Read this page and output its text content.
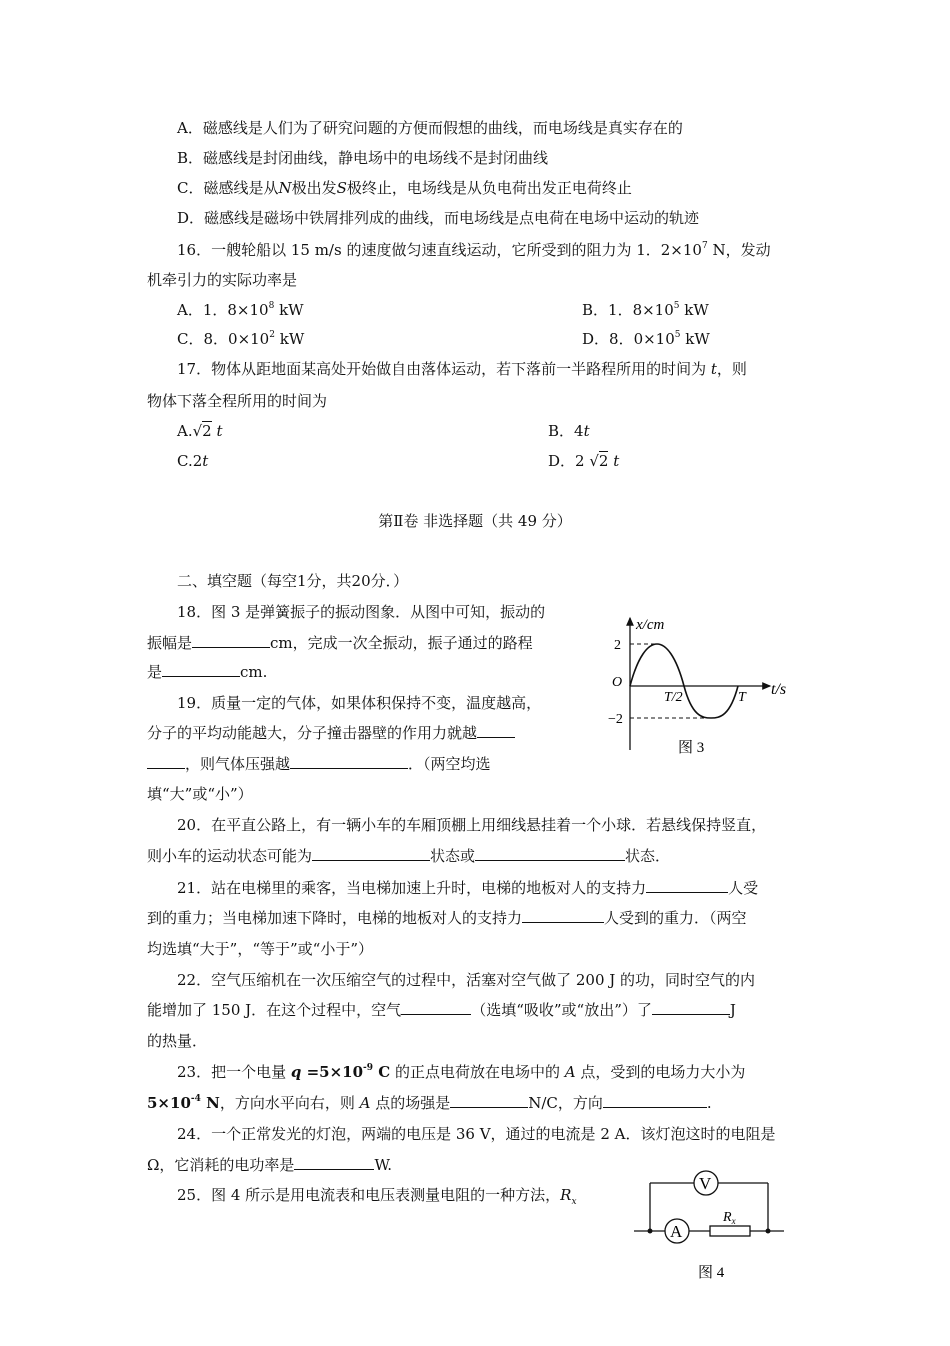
A．磁感线是人们为了研究问题的方便而假想的曲线，而电场线是真实存在的
B．磁感线是封闭曲线，静电场中的电场线不是封闭曲线
C．磁感线是从N极出发S极终止，电场线是从负电荷出发正电荷终止
D．磁感线是磁场中铁屑排列成的曲线，而电场线是点电荷在电场中运动的轨迹
16．一艘轮船以 15 m/s 的速度做匀速直线运动，它所受到的阻力为 1．$2\times 10^7$ N，发动
机牵引力的实际功率是
A．1．$8\times 10^8$ kW	B．1．$8\times 10^5$ kW
C．8．$0\times 10^2$ kW	D．8．$0\times 10^5$ kW
17．物体从距地面某高处开始做自由落体运动，若下落前一半路程所用的时间为 t，则
物体下落全程所用的时间为
A.√2 t	B．4t
C.2t	D．2 √2 t
第Ⅱ卷 非选择题（共 49 分）
二、填空题（每空1分，共20分．）
18．图 3 是弹簧振子的振动图象．从图中可知，振动的
振幅是	cm，完成一次全振动，振子通过的路程
是	cm.
19．质量一定的气体，如果体积保持不变，温度越高，
分子的平均动能越大，分子撞击器壁的作用力就越
，则气体压强越	．（两空均选
填“大”或“小”）
2
−2
O
T/2	T
x/cm
t/s
图 3
20．在平直公路上，有一辆小车的车厢顶棚上用细线悬挂着一个小球．若悬线保持竖直，
则小车的运动状态可能为	状态或	状态．
21．站在电梯里的乘客，当电梯加速上升时，电梯的地板对人的支持力	人受
到的重力；当电梯加速下降时，电梯的地板对人的支持力	人受到的重力．（两空
均选填“大于”，“等于”或“小于”）
22．空气压缩机在一次压缩空气的过程中，活塞对空气做了 200 J 的功，同时空气的内
能增加了 150 J．在这个过程中，空气	（选填“吸收”或“放出”）了	J
的热量．
23．把一个电量 $q =5\times 10^{-9}$ C 的正点电荷放在电场中的 A 点，受到的电场力大小为
$5\times 10^{-4}$ N，方向水平向右，则 A 点的场强是	N/C，方向	.
24．一个正常发光的灯泡，两端的电压是 36 V，通过的电流是 2 A．该灯泡这时的电阻是
Ω，它消耗的电功率是	W.
25．图 4 所示是用电流表和电压表测量电阻的一种方法，$R_x$
V
A
$R_x$
图 4
